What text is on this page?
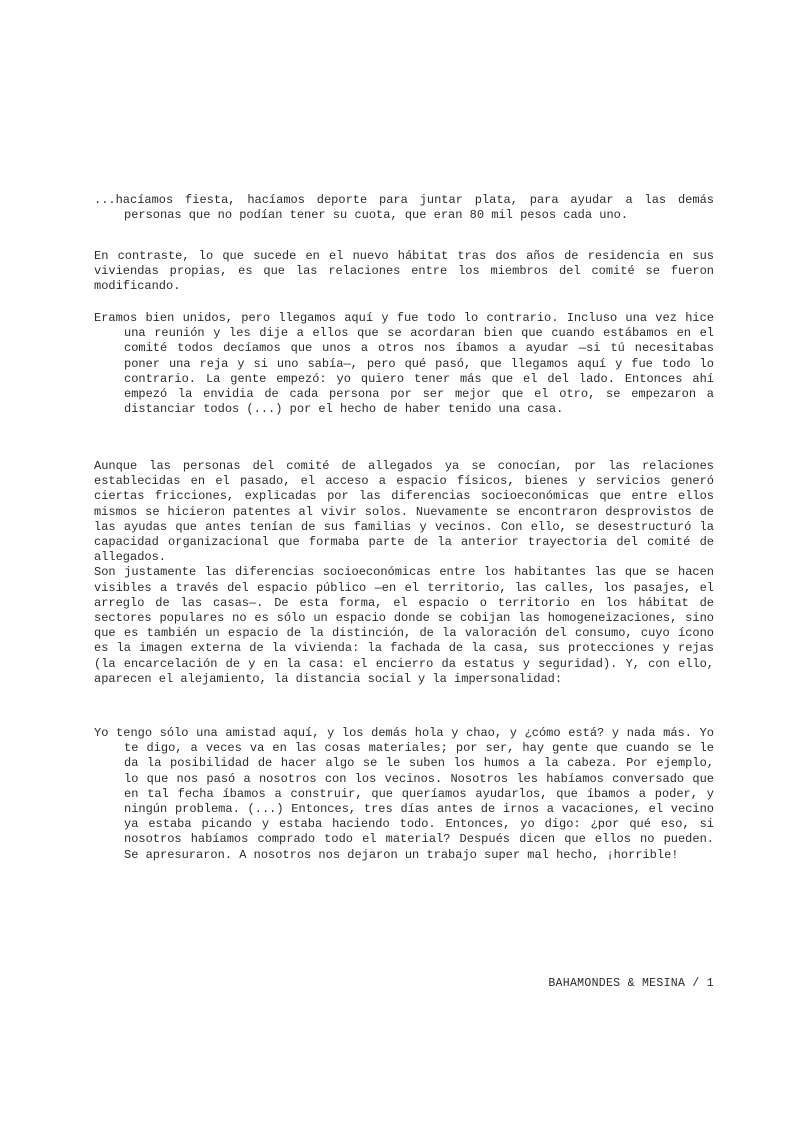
...hacíamos fiesta, hacíamos deporte para juntar plata, para ayudar a las demás personas que no podían tener su cuota, que eran 80 mil pesos cada uno.

En contraste, lo que sucede en el nuevo hábitat tras dos años de residencia en sus viviendas propias, es que las relaciones entre los miembros del comité se fueron modificando.

Eramos bien unidos, pero llegamos aquí y fue todo lo contrario. Incluso una vez hice una reunión y les dije a ellos que se acordaran bien que cuando estábamos en el comité todos decíamos que unos a otros nos íbamos a ayudar —si tú necesitabas poner una reja y si uno sabía—, pero qué pasó, que llegamos aquí y fue todo lo contrario. La gente empezó: yo quiero tener más que el del lado. Entonces ahí empezó la envidia de cada persona por ser mejor que el otro, se empezaron a distanciar todos (...) por el hecho de haber tenido una casa.

Aunque las personas del comité de allegados ya se conocían, por las relaciones establecidas en el pasado, el acceso a espacio físicos, bienes y servicios generó ciertas fricciones, explicadas por las diferencias socioeconómicas que entre ellos mismos se hicieron patentes al vivir solos. Nuevamente se encontraron desprovistos de las ayudas que antes tenían de sus familias y vecinos. Con ello, se desestructuró la capacidad organizacional que formaba parte de la anterior trayectoria del comité de allegados.

Son justamente las diferencias socioeconómicas entre los habitantes las que se hacen visibles a través del espacio público —en el territorio, las calles, los pasajes, el arreglo de las casas—. De esta forma, el espacio o territorio en los hábitat de sectores populares no es sólo un espacio donde se cobijan las homogeneizaciones, sino que es también un espacio de la distinción, de la valoración del consumo, cuyo ícono es la imagen externa de la vivienda: la fachada de la casa, sus protecciones y rejas (la encarcelación de y en la casa: el encierro da estatus y seguridad). Y, con ello, aparecen el alejamiento, la distancia social y la impersonalidad:

Yo tengo sólo una amistad aquí, y los demás hola y chao, y ¿cómo está? y nada más. Yo te digo, a veces va en las cosas materiales; por ser, hay gente que cuando se le da la posibilidad de hacer algo se le suben los humos a la cabeza. Por ejemplo, lo que nos pasó a nosotros con los vecinos. Nosotros les habíamos conversado que en tal fecha íbamos a construir, que queríamos ayudarlos, que íbamos a poder, y ningún problema. (...) Entonces, tres días antes de irnos a vacaciones, el vecino ya estaba picando y estaba haciendo todo. Entonces, yo digo: ¿por qué eso, si nosotros habíamos comprado todo el material? Después dicen que ellos no pueden. Se apresuraron. A nosotros nos dejaron un trabajo super mal hecho, ¡horrible!

BAHAMONDES & MESINA / 1
